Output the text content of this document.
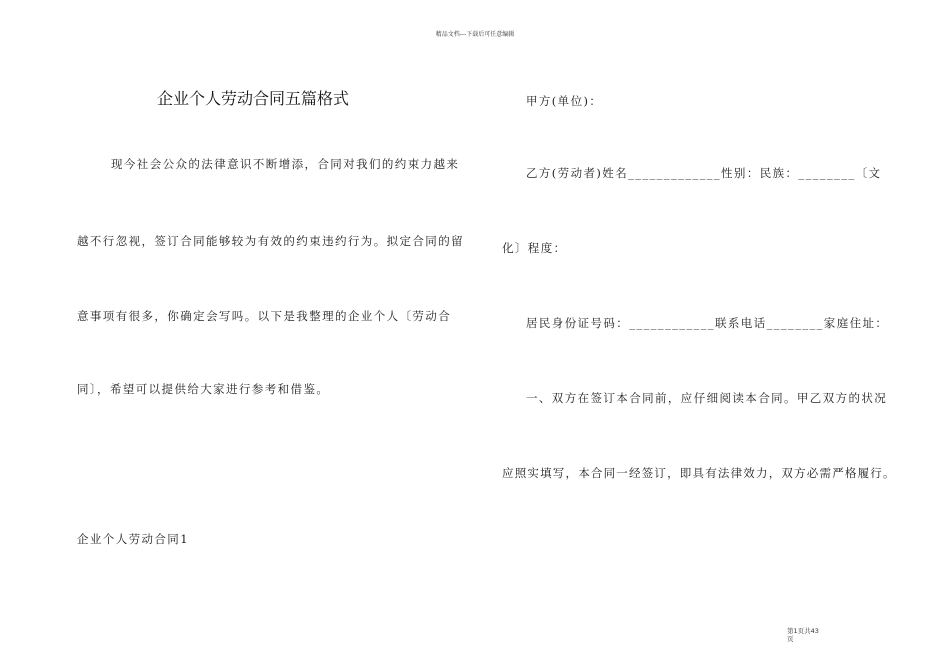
精品文档---下载后可任意编辑
企业个人劳动合同五篇格式
现今社会公众的法律意识不断增添，合同对我们的约束力越来
越不行忽视，签订合同能够较为有效的约束违约行为。拟定合同的留
意事项有很多，你确定会写吗。以下是我整理的企业个人〔劳动合
同〕，希望可以提供给大家进行参考和借鉴。
企业个人劳动合同1
甲方(单位)：
乙方(劳动者)姓名_____________性别：民族：________〔文
化〕程度：
居民身份证号码：____________联系电话________家庭住址：
一、双方在签订本合同前，应仔细阅读本合同。甲乙双方的状况
应照实填写，本合同一经签订，即具有法律效力，双方必需严格履行。
第1页共43
页
